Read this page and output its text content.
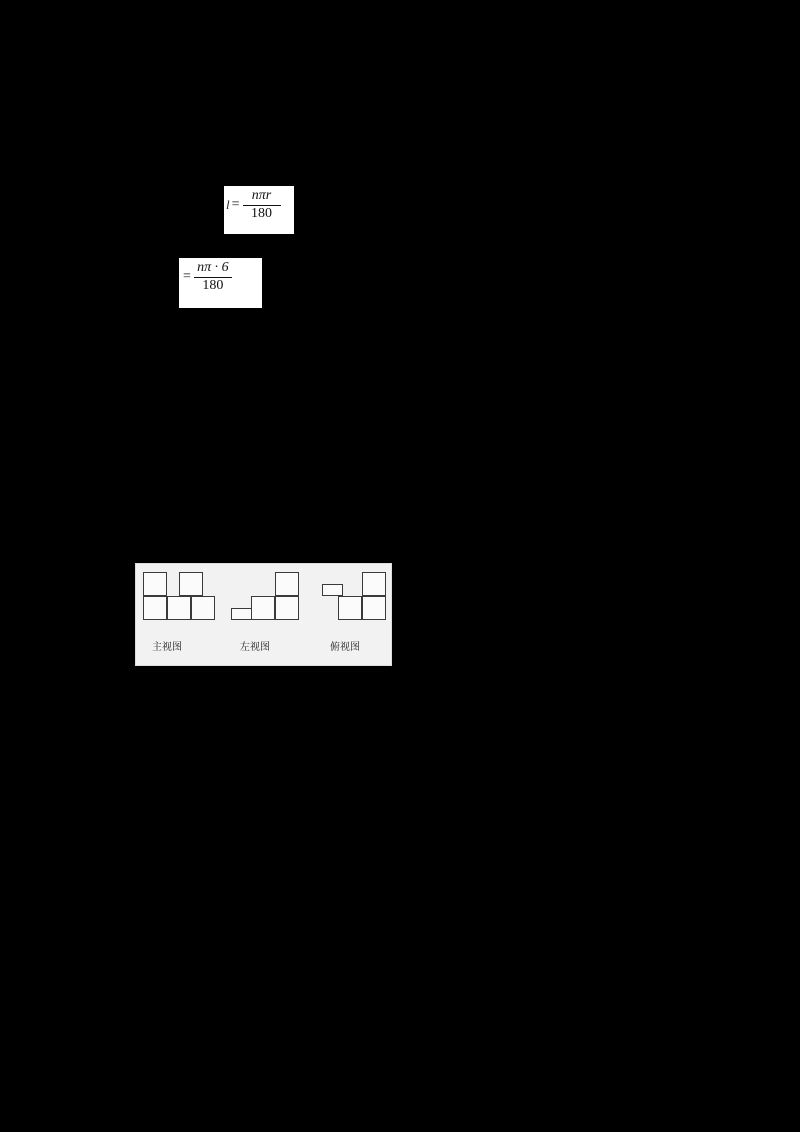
$l = \frac{\text{nπr}}{180}$
= $\frac{n\pi \cdot 6}{180}$
主视图	左视图	俯视图
